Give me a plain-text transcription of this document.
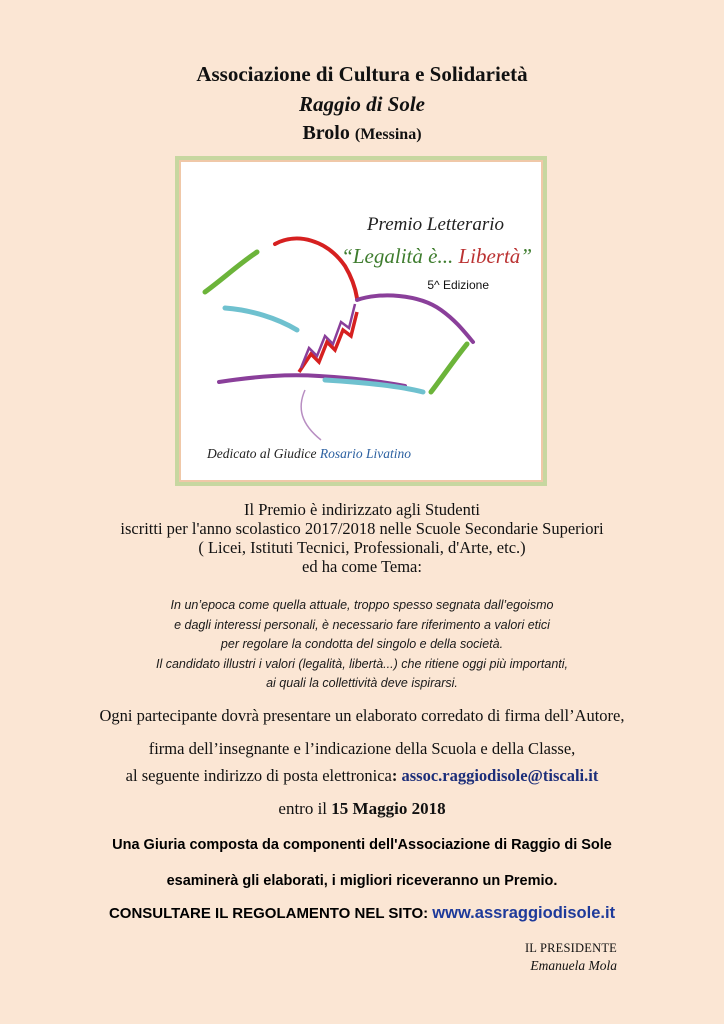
Associazione di Cultura e Solidarietà
Raggio di Sole
Brolo (Messina)
Premio Letterario
“Legalità è... Libertà”
5^ Edizione
Dedicato al Giudice Rosario Livatino
Il Premio è indirizzato agli Studenti
iscritti per l'anno scolastico 2017/2018 nelle Scuole Secondarie Superiori
( Licei, Istituti Tecnici, Professionali, d'Arte, etc.)
ed ha come Tema:
In un’epoca come quella attuale, troppo spesso segnata dall’egoismo
e dagli interessi personali, è necessario fare riferimento a valori etici
per regolare la condotta del singolo e della società.
Il candidato illustri i valori (legalità, libertà...) che ritiene oggi più importanti,
ai quali la collettività deve ispirarsi.
Ogni partecipante dovrà presentare un elaborato corredato di firma dell’Autore,
firma dell’insegnante e l’indicazione della Scuola e della Classe,
al seguente indirizzo di posta elettronica: assoc.raggiodisole@tiscali.it
entro il 15 Maggio 2018
Una Giuria composta da componenti dell'Associazione di Raggio di Sole
esaminerà gli elaborati, i migliori riceveranno un Premio.
CONSULTARE IL REGOLAMENTO NEL SITO: www.assraggiodisole.it
IL PRESIDENTE
Emanuela Mola
